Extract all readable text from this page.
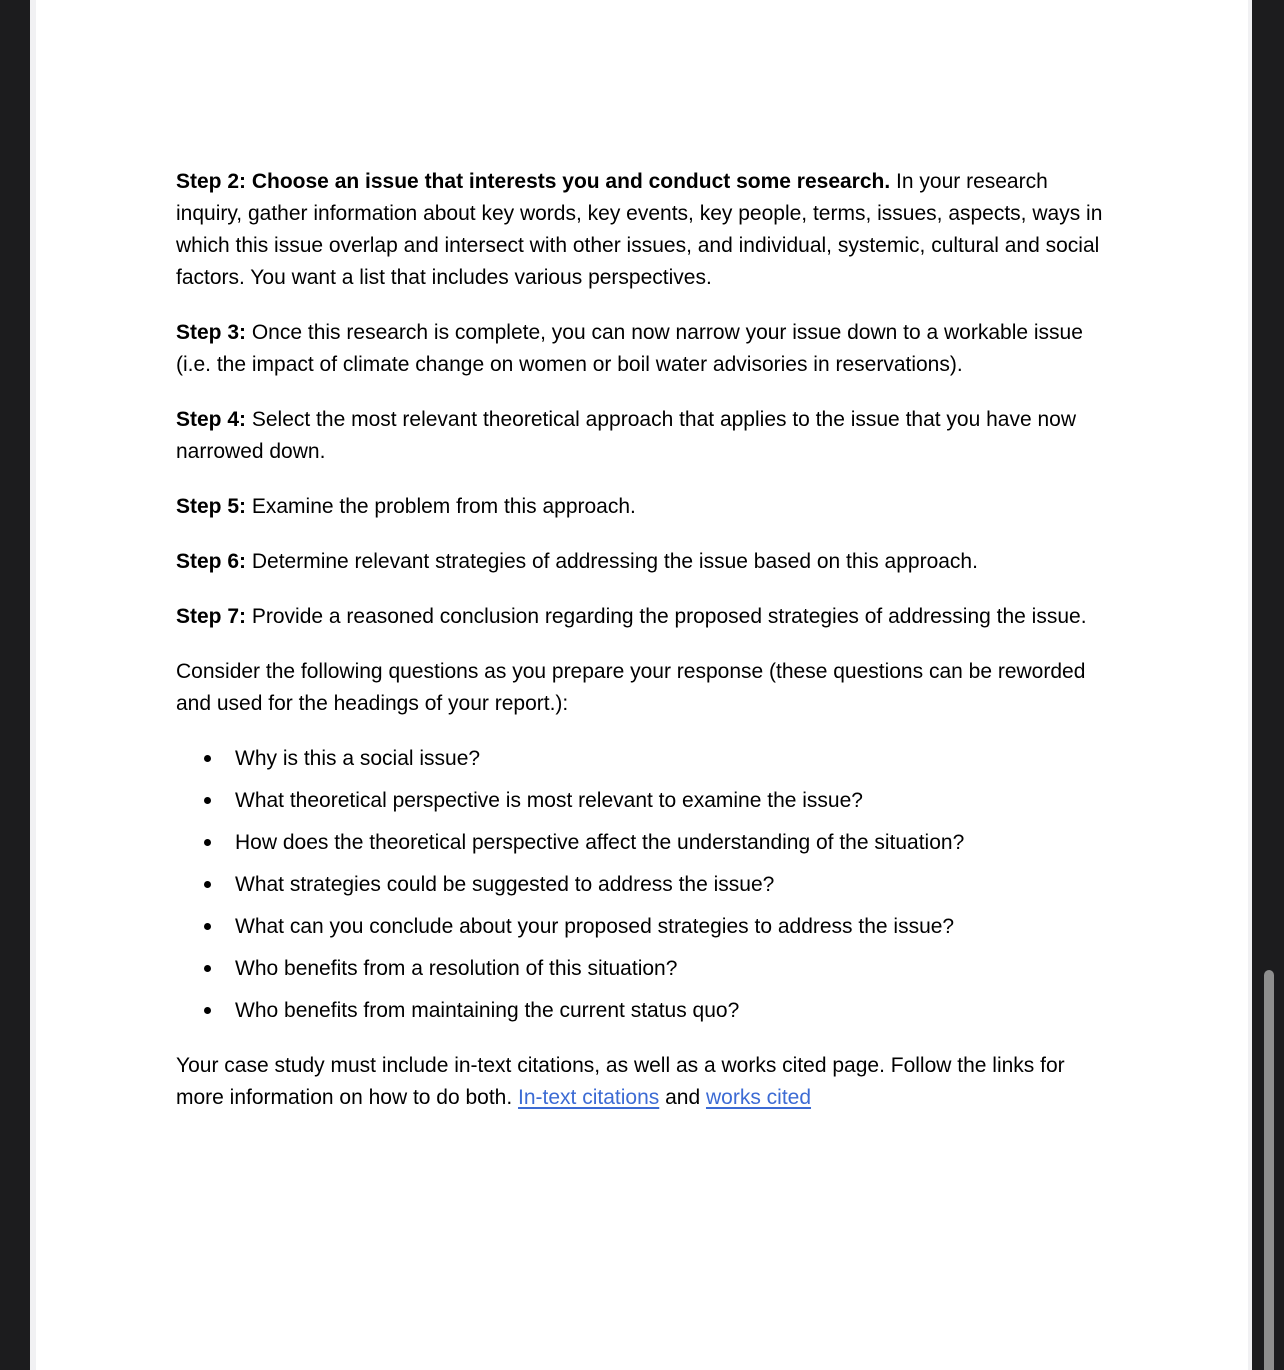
Step 2: Choose an issue that interests you and conduct some research. In your research inquiry, gather information about key words, key events, key people, terms, issues, aspects, ways in which this issue overlap and intersect with other issues, and individual, systemic, cultural and social factors. You want a list that includes various perspectives.

Step 3: Once this research is complete, you can now narrow your issue down to a workable issue (i.e. the impact of climate change on women or boil water advisories in reservations).

Step 4: Select the most relevant theoretical approach that applies to the issue that you have now narrowed down.

Step 5: Examine the problem from this approach.

Step 6: Determine relevant strategies of addressing the issue based on this approach.

Step 7: Provide a reasoned conclusion regarding the proposed strategies of addressing the issue.

Consider the following questions as you prepare your response (these questions can be reworded and used for the headings of your report.):

Why is this a social issue?
What theoretical perspective is most relevant to examine the issue?
How does the theoretical perspective affect the understanding of the situation?
What strategies could be suggested to address the issue?
What can you conclude about your proposed strategies to address the issue?
Who benefits from a resolution of this situation?
Who benefits from maintaining the current status quo?

Your case study must include in-text citations, as well as a works cited page. Follow the links for more information on how to do both. In-text citations and works cited
